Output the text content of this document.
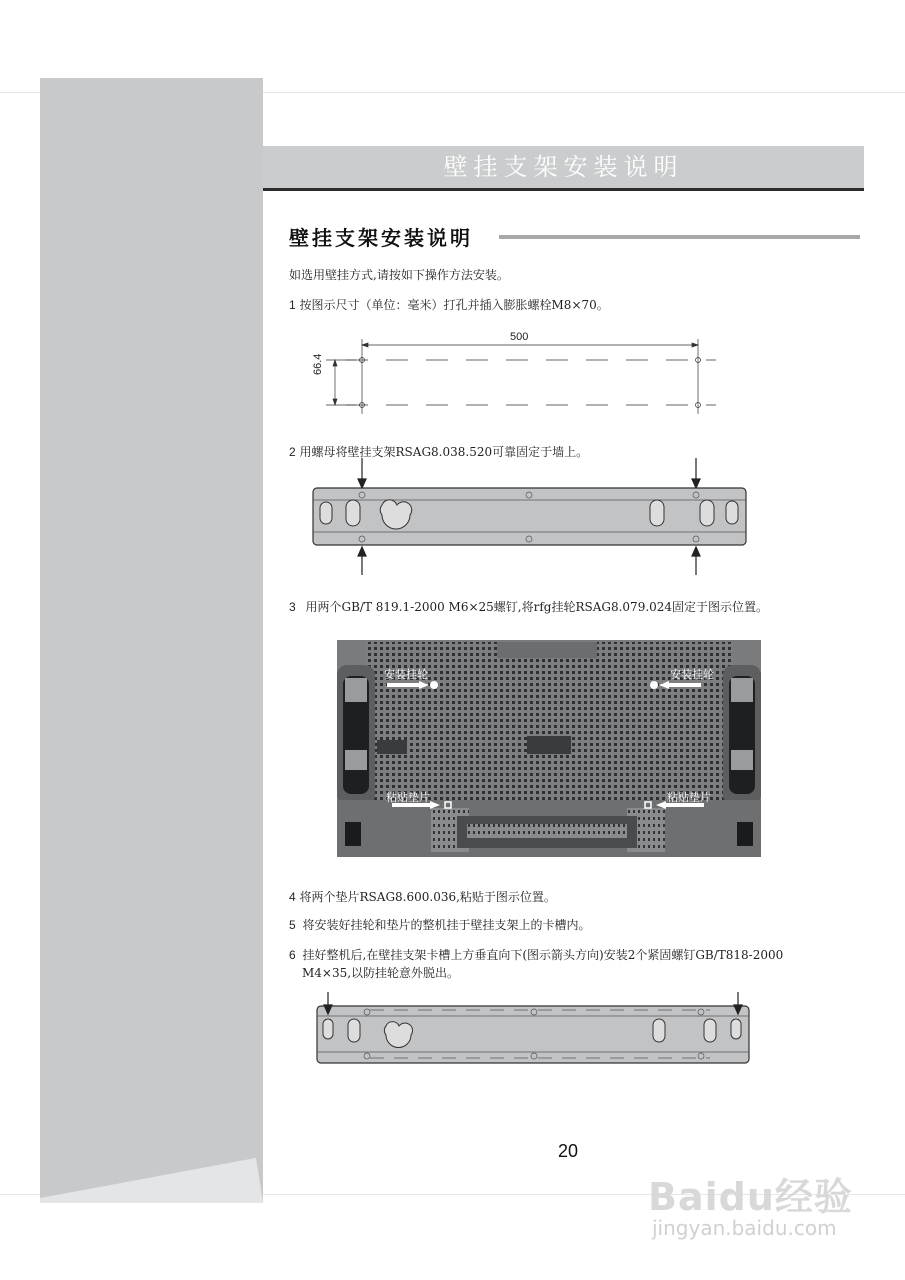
壁挂支架安装说明
壁挂支架安装说明
如选用壁挂方式,请按如下操作方法安装。
1 按图示尺寸（单位：毫米）打孔并插入膨胀螺栓M8×70。
500
66.4
2 用螺母将壁挂支架RSAG8.038.520可靠固定于墙上。
3 用两个GB/T 819.1-2000 M6×25螺钉,将rfg挂轮RSAG8.079.024固定于图示位置。
安装挂轮	安装挂轮
粘贴垫片	粘贴垫片
4 将两个垫片RSAG8.600.036,粘贴于图示位置。
5 将安装好挂轮和垫片的整机挂于壁挂支架上的卡槽内。
6 挂好整机后,在壁挂支架卡槽上方垂直向下(图示箭头方向)安装2个紧固螺钉GB/T818-2000
M4×35,以防挂轮意外脱出。
20
Baidu经验
jingyan.baidu.com
